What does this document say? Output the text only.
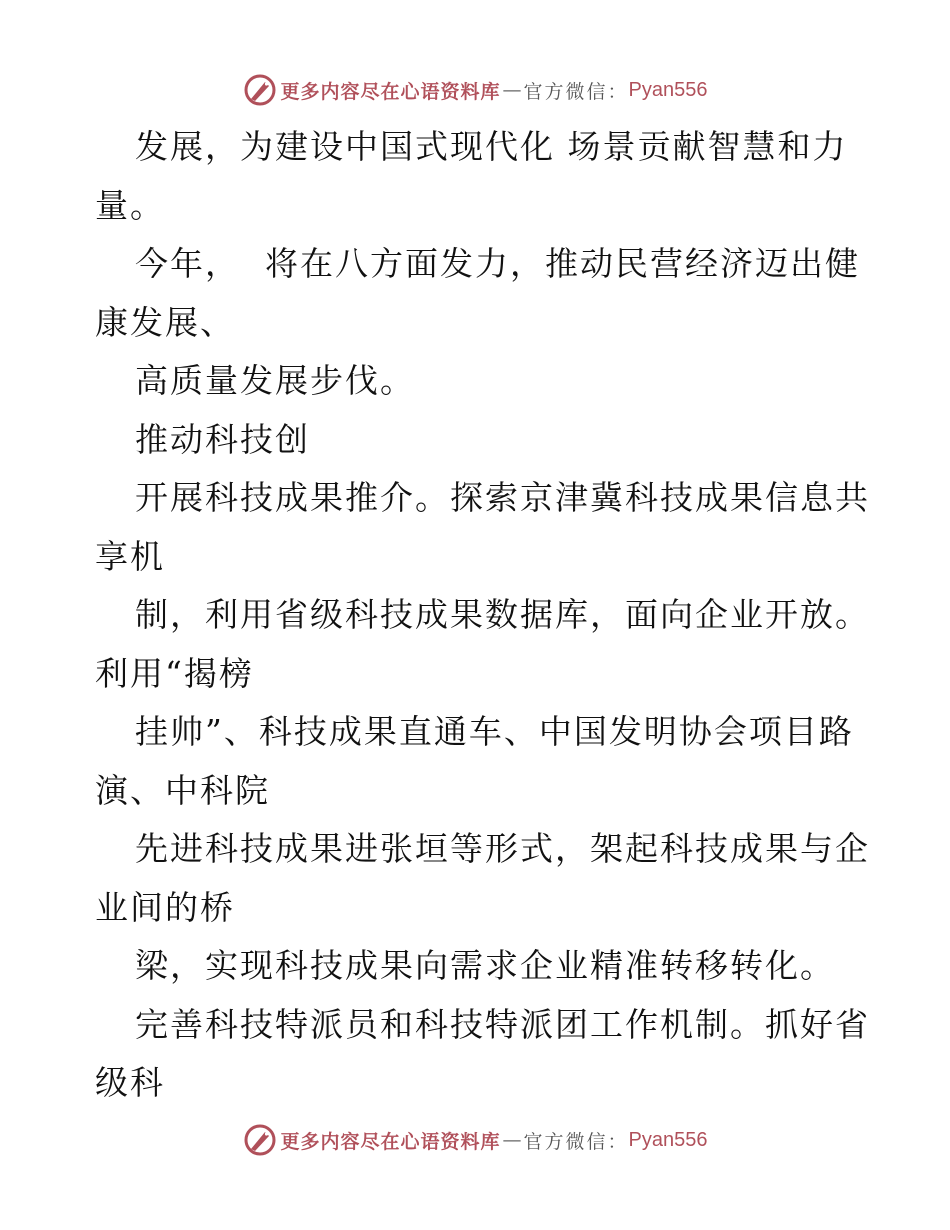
更多内容尽在心语资料库 — 官方微信： Pyan556

发展，为建设中国式现代化 场景贡献智慧和力

量。

今年，  将在八方面发力，推动民营经济迈出健

康发展、

高质量发展步伐。

推动科技创

开展科技成果推介。探索京津冀科技成果信息共

享机

制，利用省级科技成果数据库，面向企业开放。

利用“揭榜

挂帅”、科技成果直通车、中国发明协会项目路

演、中科院

先进科技成果进张垣等形式，架起科技成果与企

业间的桥

梁，实现科技成果向需求企业精准转移转化。

完善科技特派员和科技特派团工作机制。抓好省

级科

更多内容尽在心语资料库 — 官方微信： Pyan556
